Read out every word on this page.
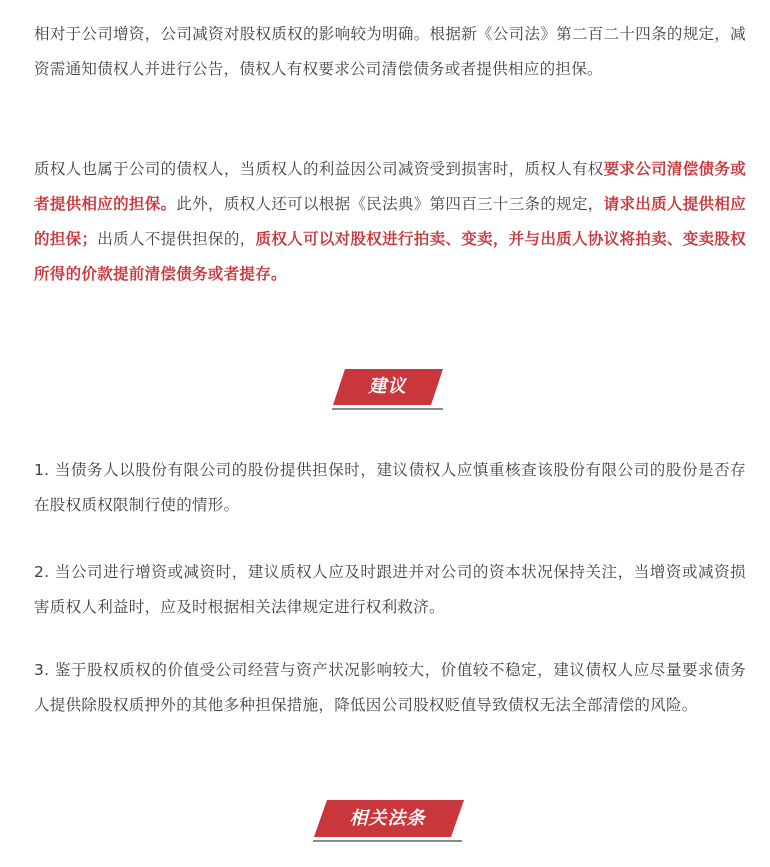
相对于公司增资，公司减资对股权质权的影响较为明确。根据新《公司法》第二百二十四条的规定，减资需通知债权人并进行公告，债权人有权要求公司清偿债务或者提供相应的担保。

质权人也属于公司的债权人，当质权人的利益因公司减资受到损害时，质权人有权要求公司清偿债务或者提供相应的担保。此外，质权人还可以根据《民法典》第四百三十三条的规定，请求出质人提供相应的担保；出质人不提供担保的，质权人可以对股权进行拍卖、变卖，并与出质人协议将拍卖、变卖股权所得的价款提前清偿债务或者提存。

建议

1. 当债务人以股份有限公司的股份提供担保时，建议债权人应慎重核查该股份有限公司的股份是否存在股权质权限制行使的情形。

2. 当公司进行增资或减资时，建议质权人应及时跟进并对公司的资本状况保持关注，当增资或减资损害质权人利益时，应及时根据相关法律规定进行权利救济。

3. 鉴于股权质权的价值受公司经营与资产状况影响较大，价值较不稳定，建议债权人应尽量要求债务人提供除股权质押外的其他多种担保措施，降低因公司股权贬值导致债权无法全部清偿的风险。

相关法条
